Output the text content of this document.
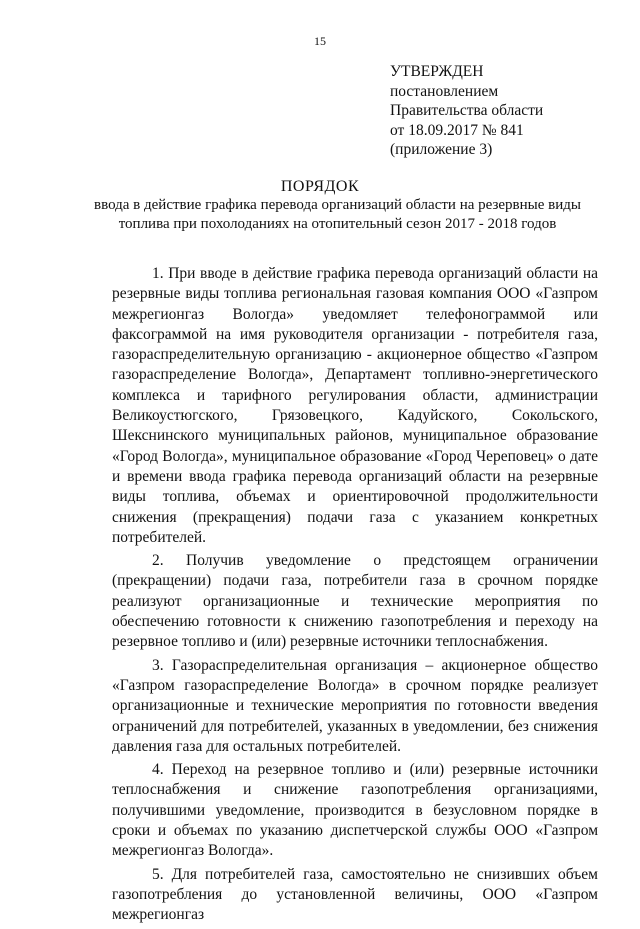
15
УТВЕРЖДЕН
постановлением
Правительства области
от 18.09.2017 № 841
(приложение 3)
ПОРЯДОК
ввода в действие графика перевода организаций области на резервные виды топлива при похолоданиях на отопительный сезон 2017 - 2018 годов

1. При вводе в действие графика перевода организаций области на резервные виды топлива региональная газовая компания ООО «Газпром межрегионгаз Вологда» уведомляет телефонограммой или факсограммой на имя руководителя организации - потребителя газа, газораспределительную организацию - акционерное общество «Газпром газораспределение Вологда», Департамент топливно-энергетического комплекса и тарифного регулирования области, администрации Великоустюгского, Грязовецкого, Кадуйского, Сокольского, Шекснинского муниципальных районов, муниципальное образование «Город Вологда», муниципальное образование «Город Череповец» о дате и времени ввода графика перевода организаций области на резервные виды топлива, объемах и ориентировочной продолжительности снижения (прекращения) подачи газа с указанием конкретных потребителей.

2. Получив уведомление о предстоящем ограничении (прекращении) подачи газа, потребители газа в срочном порядке реализуют организационные и технические мероприятия по обеспечению готовности к снижению газопотребления и переходу на резервное топливо и (или) резервные источники теплоснабжения.

3. Газораспределительная организация – акционерное общество «Газпром газораспределение Вологда» в срочном порядке реализует организационные и технические мероприятия по готовности введения ограничений для потребителей, указанных в уведомлении, без снижения давления газа для остальных потребителей.

4. Переход на резервное топливо и (или) резервные источники теплоснабжения и снижение газопотребления организациями, получившими уведомление, производится в безусловном порядке в сроки и объемах по указанию диспетчерской службы ООО «Газпром межрегионгаз Вологда».

5. Для потребителей газа, самостоятельно не снизивших объем газопотребления до установленной величины, ООО «Газпром межрегионгаз
